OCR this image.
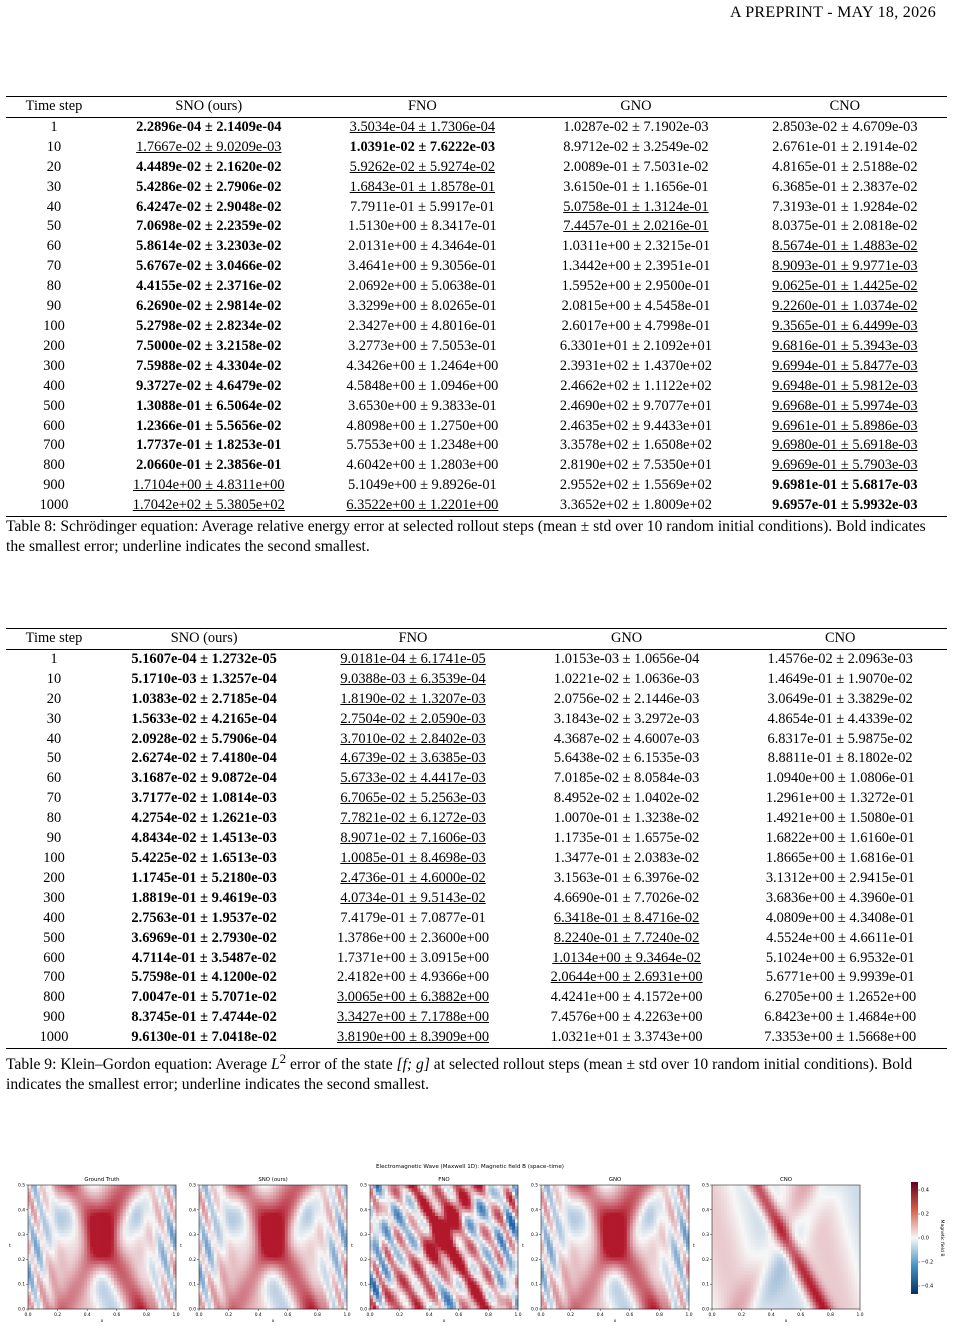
A PREPRINT - MAY 18, 2026
Time step	SNO (ours)	FNO	GNO	CNO
1	2.2896e-04 ± 2.1409e-04	3.5034e-04 ± 1.7306e-04	1.0287e-02 ± 7.1902e-03	2.8503e-02 ± 4.6709e-03
10	1.7667e-02 ± 9.0209e-03	1.0391e-02 ± 7.6222e-03	8.9712e-02 ± 3.2549e-02	2.6761e-01 ± 2.1914e-02
20	4.4489e-02 ± 2.1620e-02	5.9262e-02 ± 5.9274e-02	2.0089e-01 ± 7.5031e-02	4.8165e-01 ± 2.5188e-02
30	5.4286e-02 ± 2.7906e-02	1.6843e-01 ± 1.8578e-01	3.6150e-01 ± 1.1656e-01	6.3685e-01 ± 2.3837e-02
40	6.4247e-02 ± 2.9048e-02	7.7911e-01 ± 5.9917e-01	5.0758e-01 ± 1.3124e-01	7.3193e-01 ± 1.9284e-02
50	7.0698e-02 ± 2.2359e-02	1.5130e+00 ± 8.3417e-01	7.4457e-01 ± 2.0216e-01	8.0375e-01 ± 2.0818e-02
60	5.8614e-02 ± 3.2303e-02	2.0131e+00 ± 4.3464e-01	1.0311e+00 ± 2.3215e-01	8.5674e-01 ± 1.4883e-02
70	5.6767e-02 ± 3.0466e-02	3.4641e+00 ± 9.3056e-01	1.3442e+00 ± 2.3951e-01	8.9093e-01 ± 9.9771e-03
80	4.4155e-02 ± 2.3716e-02	2.0692e+00 ± 5.0638e-01	1.5952e+00 ± 2.9500e-01	9.0625e-01 ± 1.4425e-02
90	6.2690e-02 ± 2.9814e-02	3.3299e+00 ± 8.0265e-01	2.0815e+00 ± 4.5458e-01	9.2260e-01 ± 1.0374e-02
100	5.2798e-02 ± 2.8234e-02	2.3427e+00 ± 4.8016e-01	2.6017e+00 ± 4.7998e-01	9.3565e-01 ± 6.4499e-03
200	7.5000e-02 ± 3.2158e-02	3.2773e+00 ± 7.5053e-01	6.3301e+01 ± 2.1092e+01	9.6816e-01 ± 5.3943e-03
300	7.5988e-02 ± 4.3304e-02	4.3426e+00 ± 1.2464e+00	2.3931e+02 ± 1.4370e+02	9.6994e-01 ± 5.8477e-03
400	9.3727e-02 ± 4.6479e-02	4.5848e+00 ± 1.0946e+00	2.4662e+02 ± 1.1122e+02	9.6948e-01 ± 5.9812e-03
500	1.3088e-01 ± 6.5064e-02	3.6530e+00 ± 9.3833e-01	2.4690e+02 ± 9.7077e+01	9.6968e-01 ± 5.9974e-03
600	1.2366e-01 ± 5.5656e-02	4.8098e+00 ± 1.2750e+00	2.4635e+02 ± 9.4433e+01	9.6961e-01 ± 5.8986e-03
700	1.7737e-01 ± 1.8253e-01	5.7553e+00 ± 1.2348e+00	3.3578e+02 ± 1.6508e+02	9.6980e-01 ± 5.6918e-03
800	2.0660e-01 ± 2.3856e-01	4.6042e+00 ± 1.2803e+00	2.8190e+02 ± 7.5350e+01	9.6969e-01 ± 5.7903e-03
900	1.7104e+00 ± 4.8311e+00	5.1049e+00 ± 9.8926e-01	2.9552e+02 ± 1.5569e+02	9.6981e-01 ± 5.6817e-03
1000	1.7042e+02 ± 5.3805e+02	6.3522e+00 ± 1.2201e+00	3.3652e+02 ± 1.8009e+02	9.6957e-01 ± 5.9932e-03
Table 8: Schrödinger equation: Average relative energy error at selected rollout steps (mean ± std over 10 random initial conditions). Bold indicates the smallest error; underline indicates the second smallest.
Time step	SNO (ours)	FNO	GNO	CNO
1	5.1607e-04 ± 1.2732e-05	9.0181e-04 ± 6.1741e-05	1.0153e-03 ± 1.0656e-04	1.4576e-02 ± 2.0963e-03
10	5.1710e-03 ± 1.3257e-04	9.0388e-03 ± 6.3539e-04	1.0221e-02 ± 1.0636e-03	1.4649e-01 ± 1.9070e-02
20	1.0383e-02 ± 2.7185e-04	1.8190e-02 ± 1.3207e-03	2.0756e-02 ± 2.1446e-03	3.0649e-01 ± 3.3829e-02
30	1.5633e-02 ± 4.2165e-04	2.7504e-02 ± 2.0590e-03	3.1843e-02 ± 3.2972e-03	4.8654e-01 ± 4.4339e-02
40	2.0928e-02 ± 5.7906e-04	3.7010e-02 ± 2.8402e-03	4.3687e-02 ± 4.6007e-03	6.8317e-01 ± 5.9875e-02
50	2.6274e-02 ± 7.4180e-04	4.6739e-02 ± 3.6385e-03	5.6438e-02 ± 6.1535e-03	8.8811e-01 ± 8.1802e-02
60	3.1687e-02 ± 9.0872e-04	5.6733e-02 ± 4.4417e-03	7.0185e-02 ± 8.0584e-03	1.0940e+00 ± 1.0806e-01
70	3.7177e-02 ± 1.0814e-03	6.7065e-02 ± 5.2563e-03	8.4952e-02 ± 1.0402e-02	1.2961e+00 ± 1.3272e-01
80	4.2754e-02 ± 1.2621e-03	7.7821e-02 ± 6.1272e-03	1.0070e-01 ± 1.3238e-02	1.4921e+00 ± 1.5080e-01
90	4.8434e-02 ± 1.4513e-03	8.9071e-02 ± 7.1606e-03	1.1735e-01 ± 1.6575e-02	1.6822e+00 ± 1.6160e-01
100	5.4225e-02 ± 1.6513e-03	1.0085e-01 ± 8.4698e-03	1.3477e-01 ± 2.0383e-02	1.8665e+00 ± 1.6816e-01
200	1.1745e-01 ± 5.2180e-03	2.4736e-01 ± 4.6000e-02	3.1563e-01 ± 6.3976e-02	3.1312e+00 ± 2.9415e-01
300	1.8819e-01 ± 9.4619e-03	4.0734e-01 ± 9.5143e-02	4.6690e-01 ± 7.7026e-02	3.6836e+00 ± 4.3960e-01
400	2.7563e-01 ± 1.9537e-02	7.4179e-01 ± 7.0877e-01	6.3418e-01 ± 8.4716e-02	4.0809e+00 ± 4.3408e-01
500	3.6969e-01 ± 2.7930e-02	1.3786e+00 ± 2.3600e+00	8.2240e-01 ± 7.7240e-02	4.5524e+00 ± 4.6611e-01
600	4.7114e-01 ± 3.5487e-02	1.7371e+00 ± 3.0915e+00	1.0134e+00 ± 9.3464e-02	5.1024e+00 ± 6.9532e-01
700	5.7598e-01 ± 4.1200e-02	2.4182e+00 ± 4.9366e+00	2.0644e+00 ± 2.6931e+00	5.6771e+00 ± 9.9939e-01
800	7.0047e-01 ± 5.7071e-02	3.0065e+00 ± 6.3882e+00	4.4241e+00 ± 4.1572e+00	6.2705e+00 ± 1.2652e+00
900	8.3745e-01 ± 7.4744e-02	3.3427e+00 ± 7.1788e+00	7.4576e+00 ± 4.2263e+00	6.8423e+00 ± 1.4684e+00
1000	9.6130e-01 ± 7.0418e-02	3.8190e+00 ± 8.3909e+00	1.0321e+01 ± 3.3743e+00	7.3353e+00 ± 1.5668e+00
Table 9: Klein–Gordon equation: Average $L^2$ error of the state [f; g] at selected rollout steps (mean ± std over 10 random initial conditions). Bold indicates the smallest error; underline indicates the second smallest.
Electromagnetic Wave (Maxwell 1D): Magnetic field B (space–time)
Ground Truth
0.0	0.2	0.4	0.6	0.8	1.0
0.0
0.1
0.2
0.3
0.4
0.5
x
t
SNO (ours)
0.0	0.2	0.4	0.6	0.8	1.0
0.0
0.1
0.2
0.3
0.4
0.5
x
t
FNO
0.0	0.2	0.4	0.6	0.8	1.0
0.0
0.1
0.2
0.3
0.4
0.5
x
t
GNO
0.0	0.2	0.4	0.6	0.8	1.0
0.0
0.1
0.2
0.3
0.4
0.5
x
t
CNO
0.0	0.2	0.4	0.6	0.8	1.0
0.0
0.1
0.2
0.3
0.4
0.5
x
t
0.4
0.2
0.0
−0.2
−0.4
Magnetic field B
